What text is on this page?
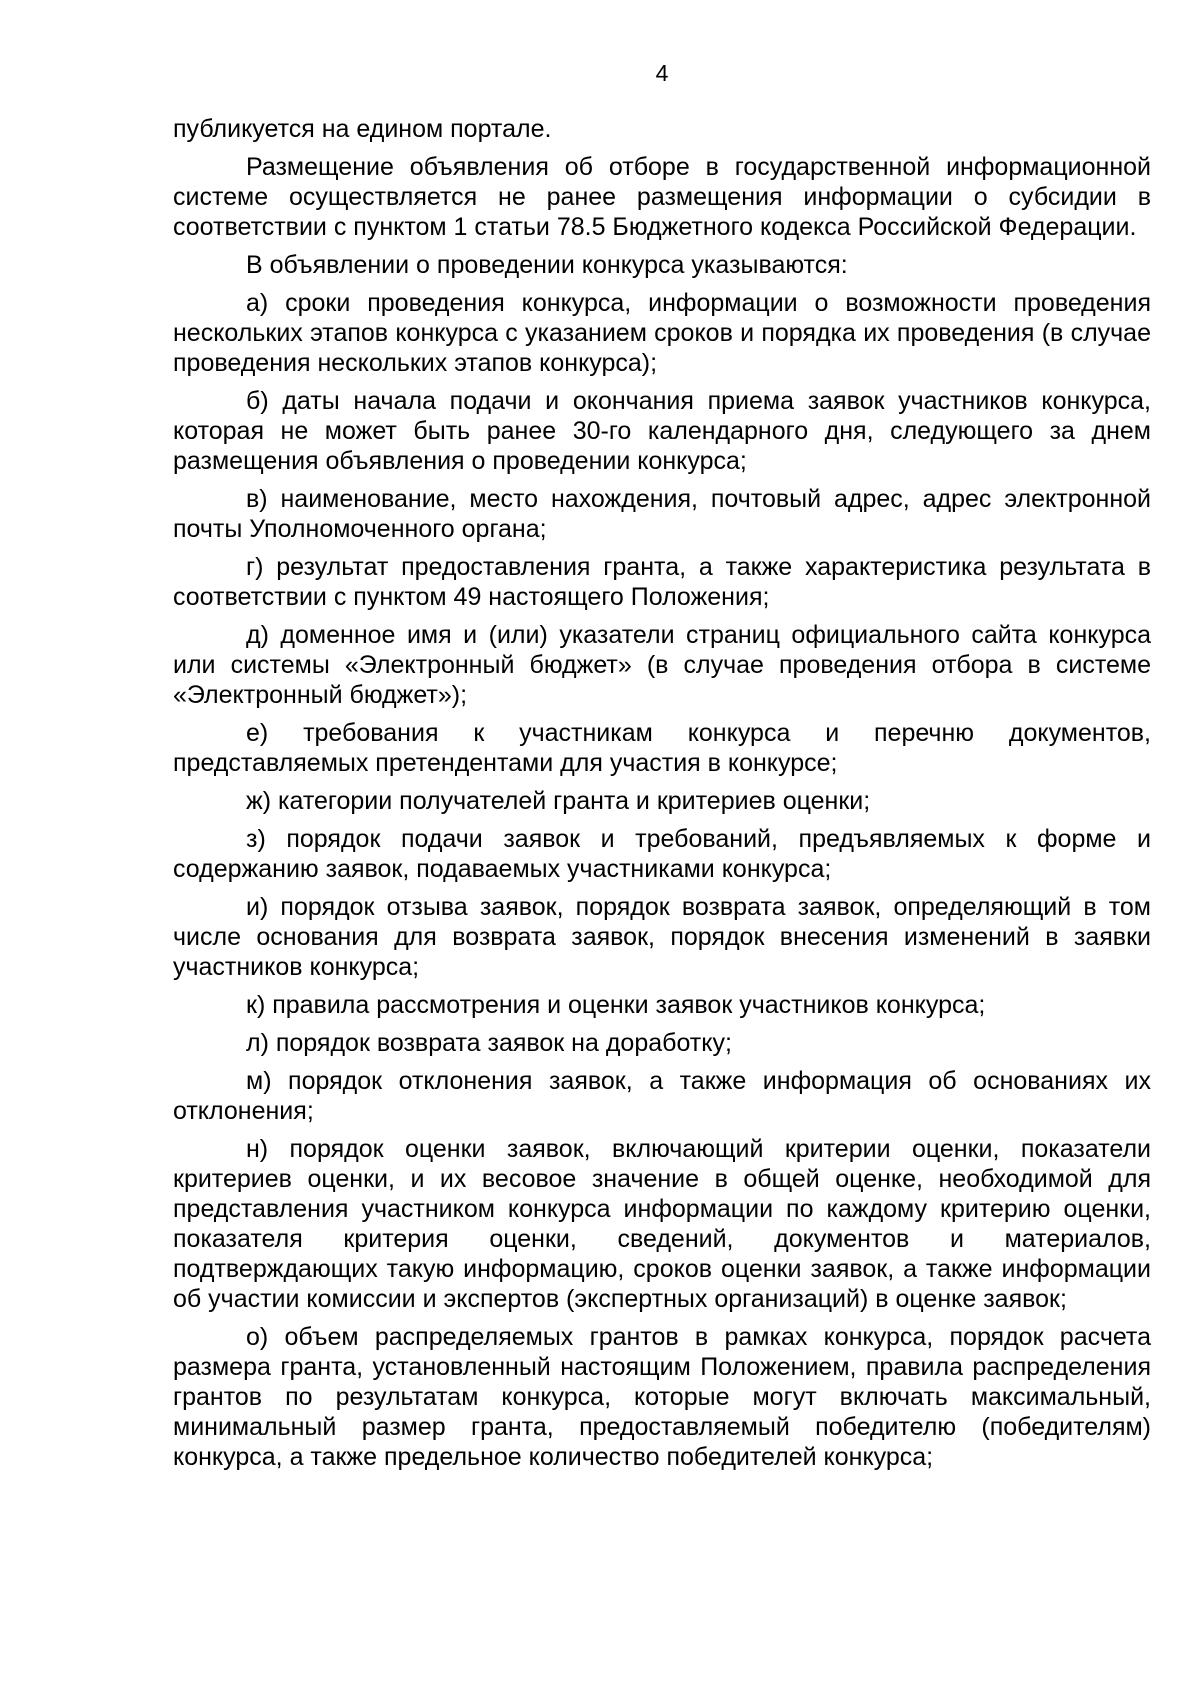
4

публикуется на едином портале.

Размещение объявления об отборе в государственной информационной системе осуществляется не ранее размещения информации о субсидии в соответствии с пунктом 1 статьи 78.5 Бюджетного кодекса Российской Федерации.

В объявлении о проведении конкурса указываются:

а) сроки проведения конкурса, информации о возможности проведения нескольких этапов конкурса с указанием сроков и порядка их проведения (в случае проведения нескольких этапов конкурса);

б) даты начала подачи и окончания приема заявок участников конкурса, которая не может быть ранее 30-го календарного дня, следующего за днем размещения объявления о проведении конкурса;

в) наименование, место нахождения, почтовый адрес, адрес электронной почты Уполномоченного органа;

г) результат предоставления гранта, а также характеристика результата в соответствии с пунктом 49 настоящего Положения;

д) доменное имя и (или) указатели страниц официального сайта конкурса или системы «Электронный бюджет» (в случае проведения отбора в системе «Электронный бюджет»);

е) требования к участникам конкурса и перечню документов, представляемых претендентами для участия в конкурсе;

ж) категории получателей гранта и критериев оценки;

з) порядок подачи заявок и требований, предъявляемых к форме и содержанию заявок, подаваемых участниками конкурса;

и) порядок отзыва заявок, порядок возврата заявок, определяющий в том числе основания для возврата заявок, порядок внесения изменений в заявки участников конкурса;

к) правила рассмотрения и оценки заявок участников конкурса;

л) порядок возврата заявок на доработку;

м) порядок отклонения заявок, а также информация об основаниях их отклонения;

н) порядок оценки заявок, включающий критерии оценки, показатели критериев оценки, и их весовое значение в общей оценке, необходимой для представления участником конкурса информации по каждому критерию оценки, показателя критерия оценки, сведений, документов и материалов, подтверждающих такую информацию, сроков оценки заявок, а также информации об участии комиссии и экспертов (экспертных организаций) в оценке заявок;

о) объем распределяемых грантов в рамках конкурса, порядок расчета размера гранта, установленный настоящим Положением, правила распределения грантов по результатам конкурса, которые могут включать максимальный, минимальный размер гранта, предоставляемый победителю (победителям) конкурса, а также предельное количество победителей конкурса;
